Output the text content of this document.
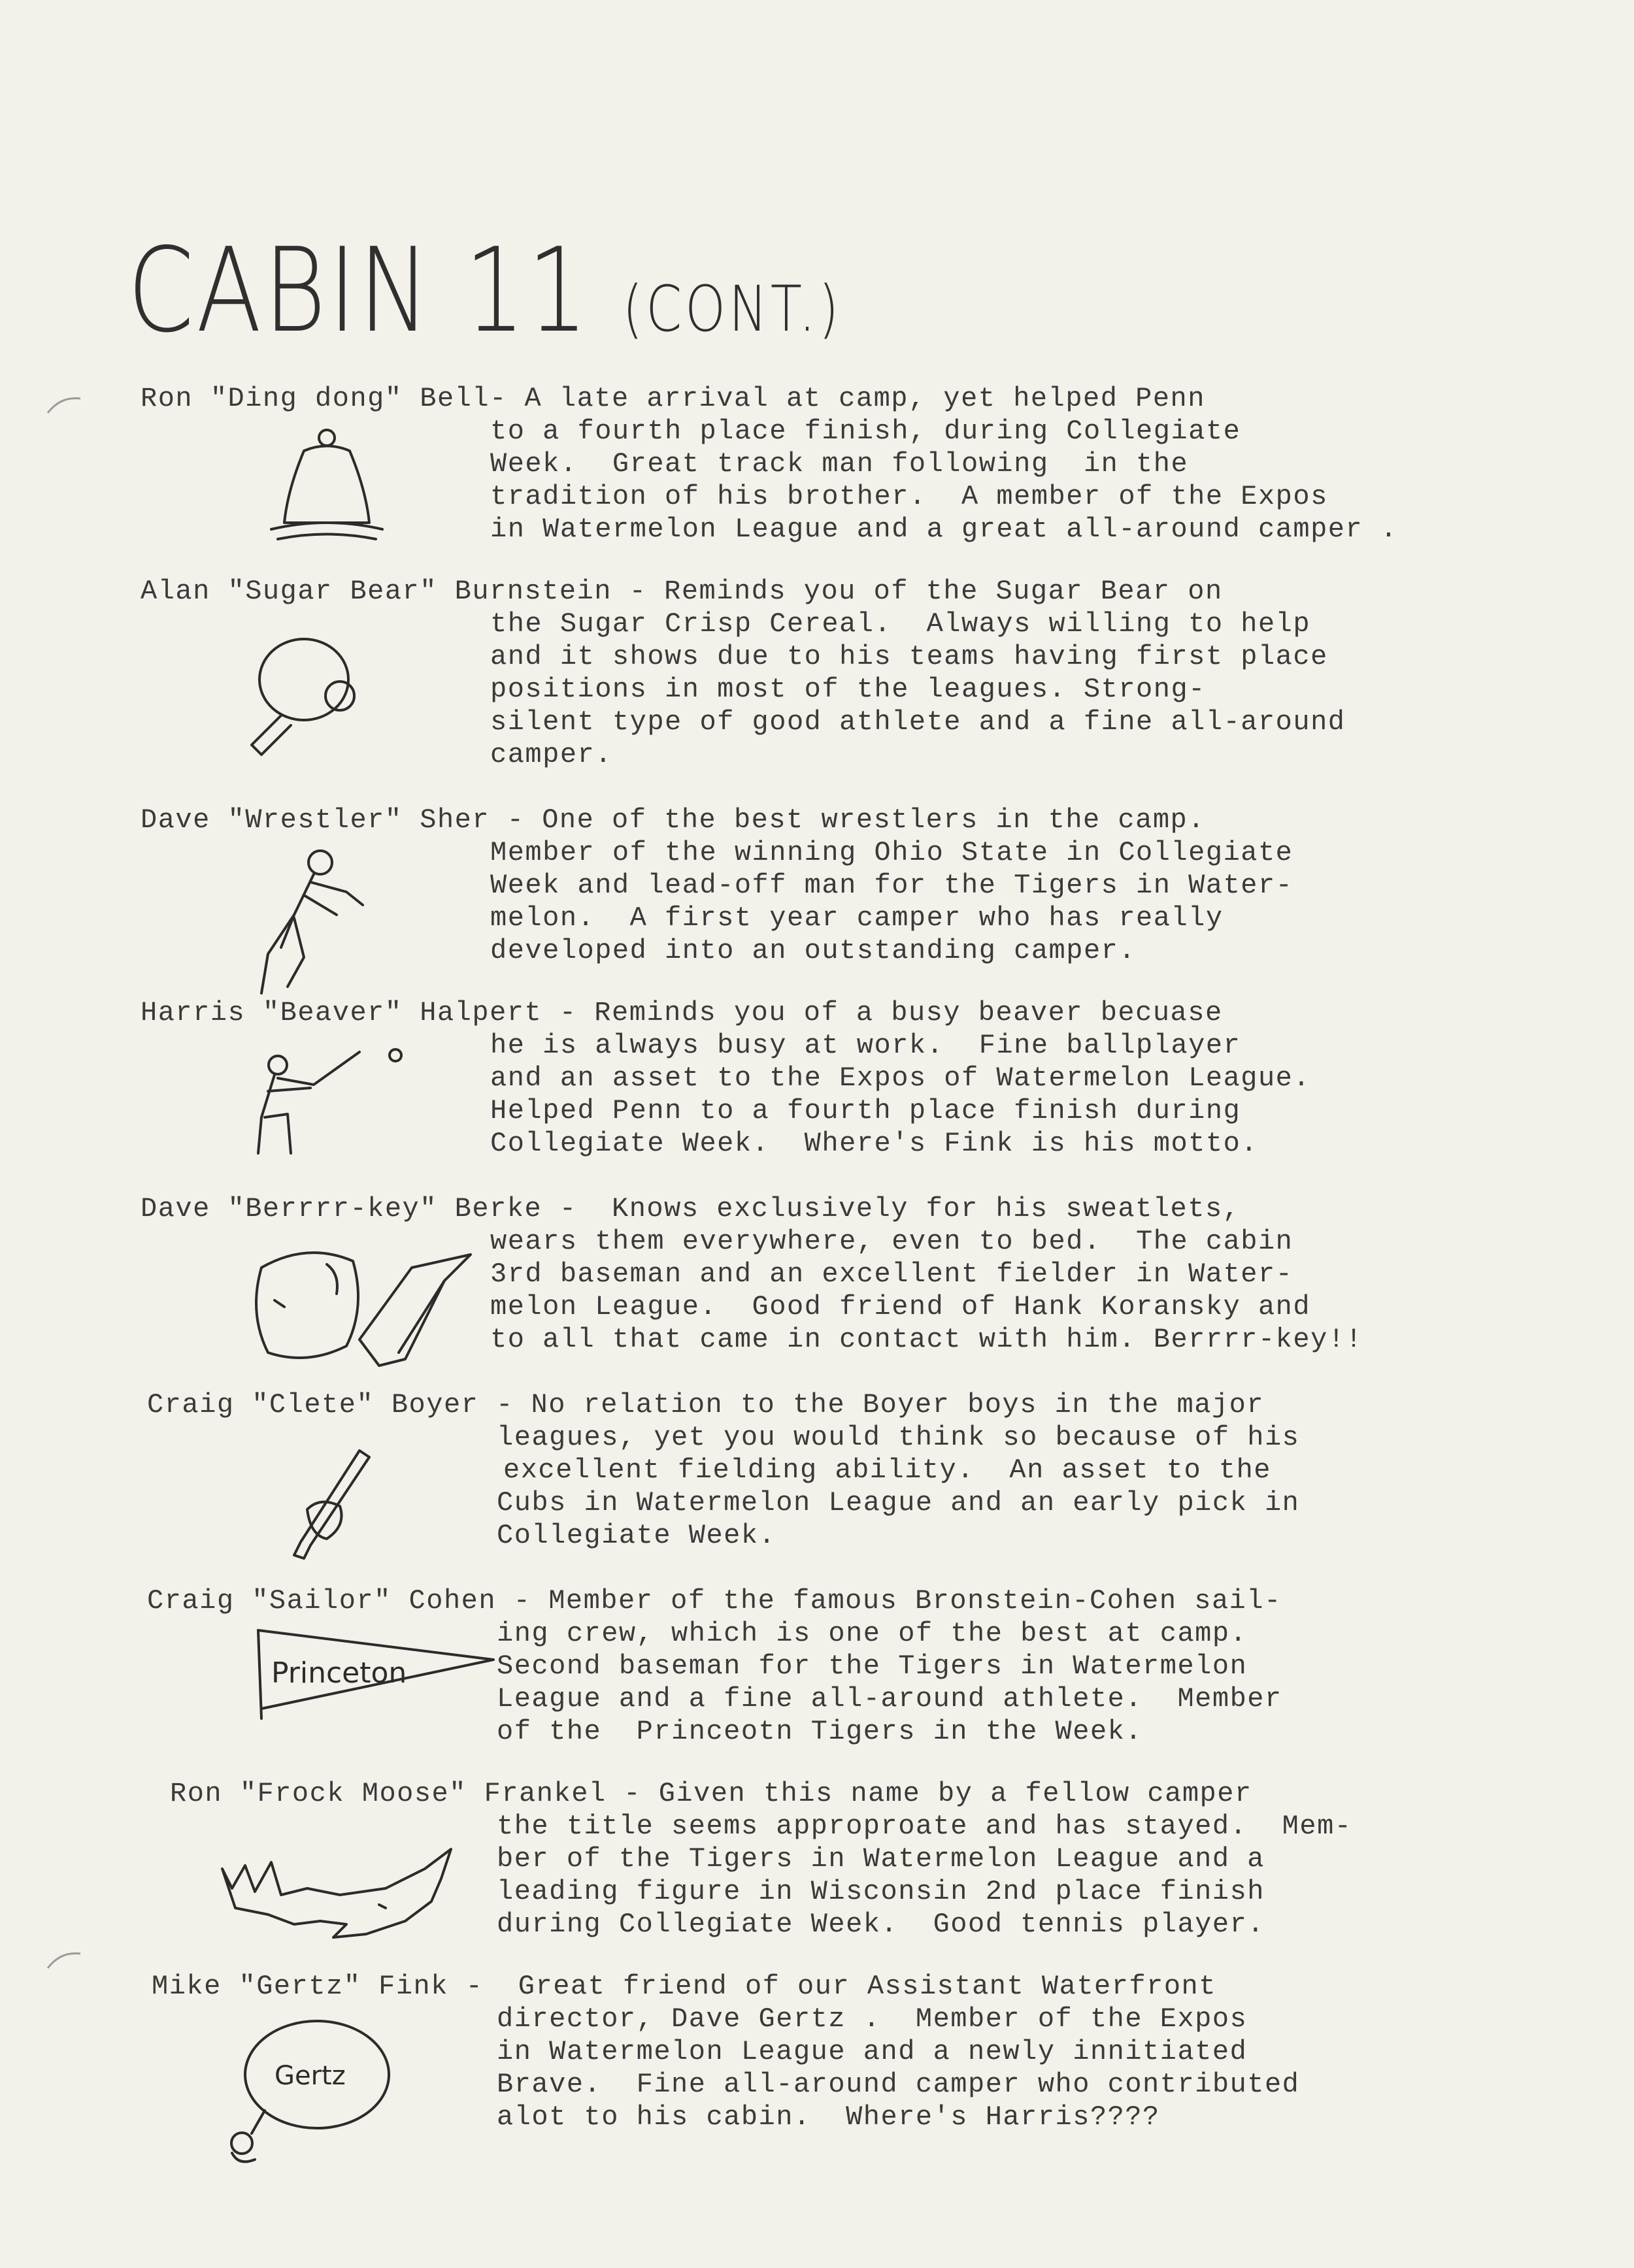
CABIN 11 (CONT.)
Ron "Ding dong" Bell- A late arrival at camp, yet helped Penn
to a fourth place finish, during Collegiate
Week.  Great track man following  in the
tradition of his brother.  A member of the Expos
in Watermelon League and a great all-around camper .
Alan "Sugar Bear" Burnstein - Reminds you of the Sugar Bear on
the Sugar Crisp Cereal.  Always willing to help
and it shows due to his teams having first place
positions in most of the leagues. Strong-
silent type of good athlete and a fine all-around
camper.
Dave "Wrestler" Sher - One of the best wrestlers in the camp.
Member of the winning Ohio State in Collegiate
Week and lead-off man for the Tigers in Water-
melon.  A first year camper who has really
developed into an outstanding camper.
Harris "Beaver" Halpert - Reminds you of a busy beaver becuase
he is always busy at work.  Fine ballplayer
and an asset to the Expos of Watermelon League.
Helped Penn to a fourth place finish during
Collegiate Week.  Where's Fink is his motto.
Dave "Berrrr-key" Berke -  Knows exclusively for his sweatlets,
wears them everywhere, even to bed.  The cabin
3rd baseman and an excellent fielder in Water-
melon League.  Good friend of Hank Koransky and
to all that came in contact with him. Berrrr-key!!
Craig "Clete" Boyer - No relation to the Boyer boys in the major
leagues, yet you would think so because of his
excellent fielding ability.  An asset to the
Cubs in Watermelon League and an early pick in
Collegiate Week.
Craig "Sailor" Cohen - Member of the famous Bronstein-Cohen sail-
ing crew, which is one of the best at camp.
Second baseman for the Tigers in Watermelon
League and a fine all-around athlete.  Member
of the  Princeotn Tigers in the Week.
Princeton
Ron "Frock Moose" Frankel - Given this name by a fellow camper
the title seems approproate and has stayed.  Mem-
ber of the Tigers in Watermelon League and a
leading figure in Wisconsin 2nd place finish
during Collegiate Week.  Good tennis player.
Mike "Gertz" Fink -  Great friend of our Assistant Waterfront
director, Dave Gertz .  Member of the Expos
in Watermelon League and a newly innitiated
Brave.  Fine all-around camper who contributed
alot to his cabin.  Where's Harris????
Gertz
